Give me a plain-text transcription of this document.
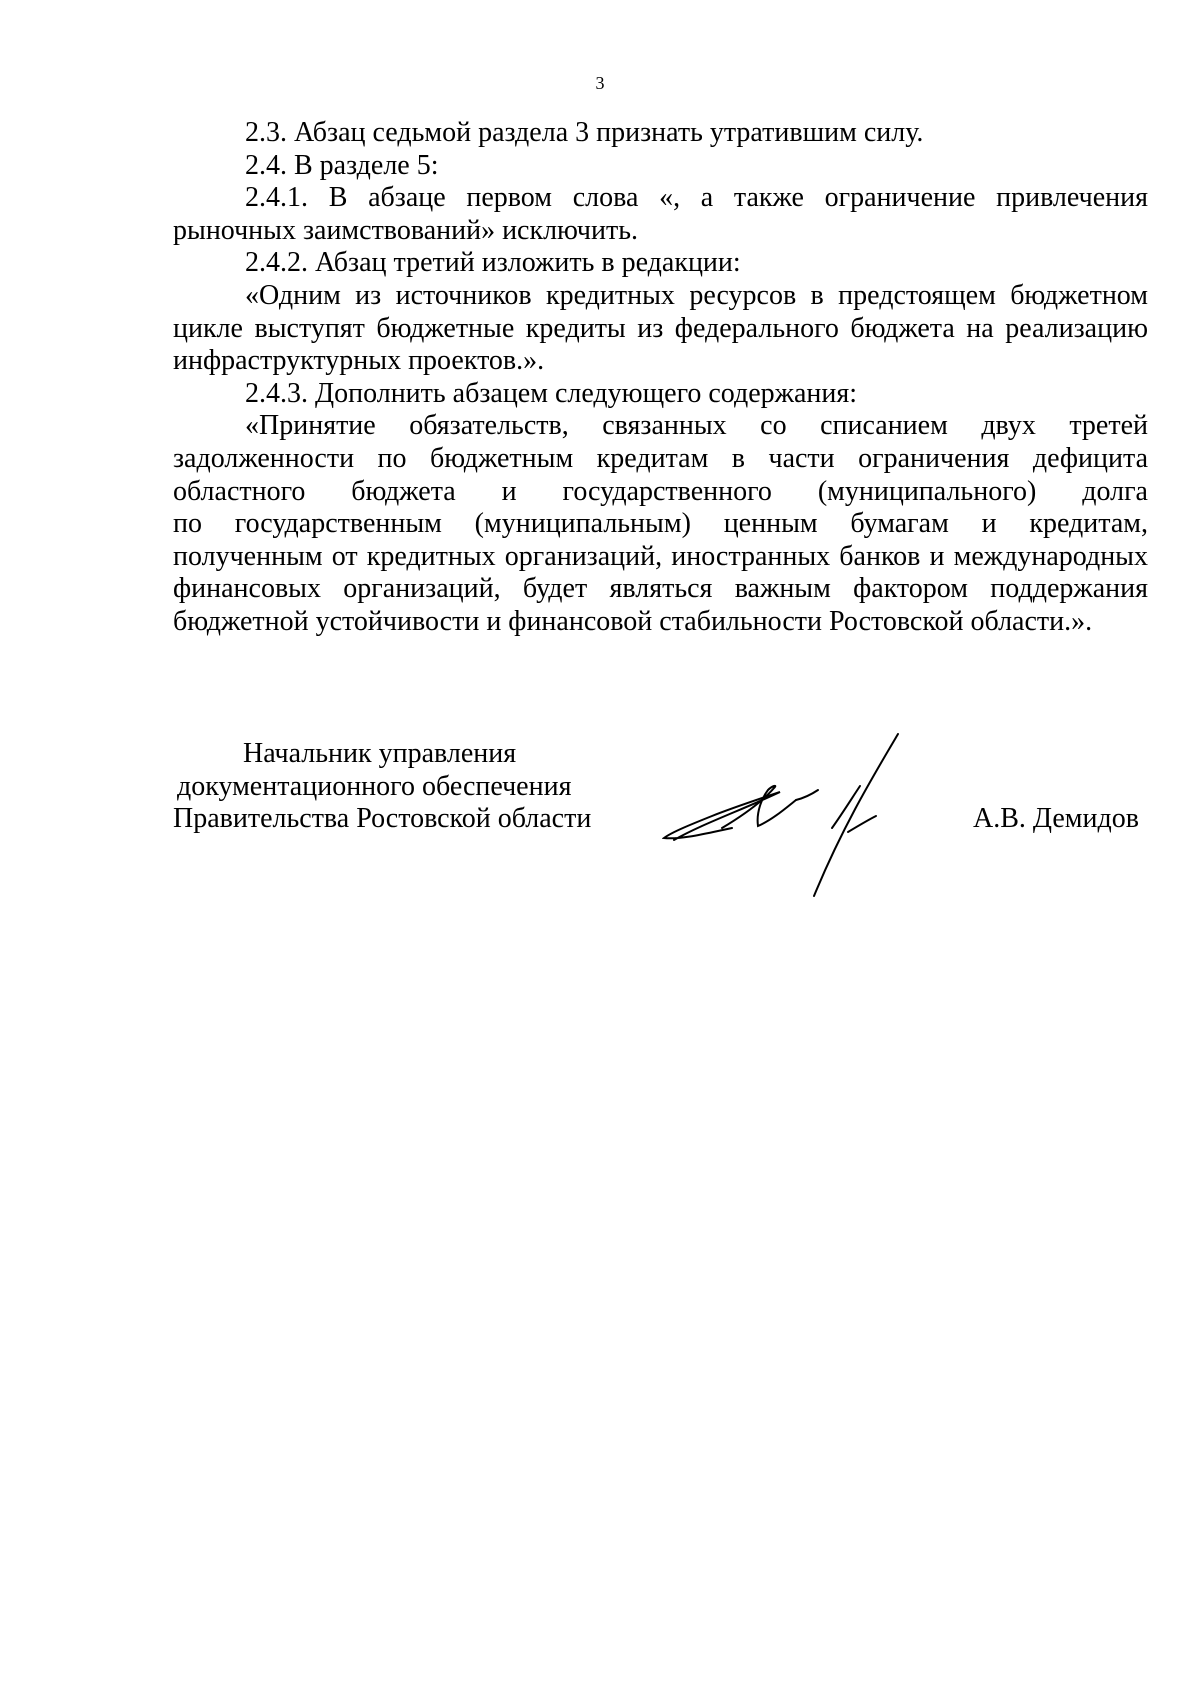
3
2.3. Абзац седьмой раздела 3 признать утратившим силу.
2.4. В разделе 5:
2.4.1. В абзаце первом слова «, а также ограничение привлечения
рыночных заимствований» исключить.
2.4.2. Абзац третий изложить в редакции:
«Одним из источников кредитных ресурсов в предстоящем бюджетном
цикле выступят бюджетные кредиты из федерального бюджета на реализацию
инфраструктурных проектов.».
2.4.3. Дополнить абзацем следующего содержания:
«Принятие обязательств, связанных со списанием двух третей
задолженности по бюджетным кредитам в части ограничения дефицита
областного бюджета и государственного (муниципального) долга
по государственным (муниципальным) ценным бумагам и кредитам,
полученным от кредитных организаций, иностранных банков и международных
финансовых организаций, будет являться важным фактором поддержания
бюджетной устойчивости и финансовой стабильности Ростовской области.».
Начальник управления
документационного обеспечения
Правительства Ростовской области	А.В. Демидов
